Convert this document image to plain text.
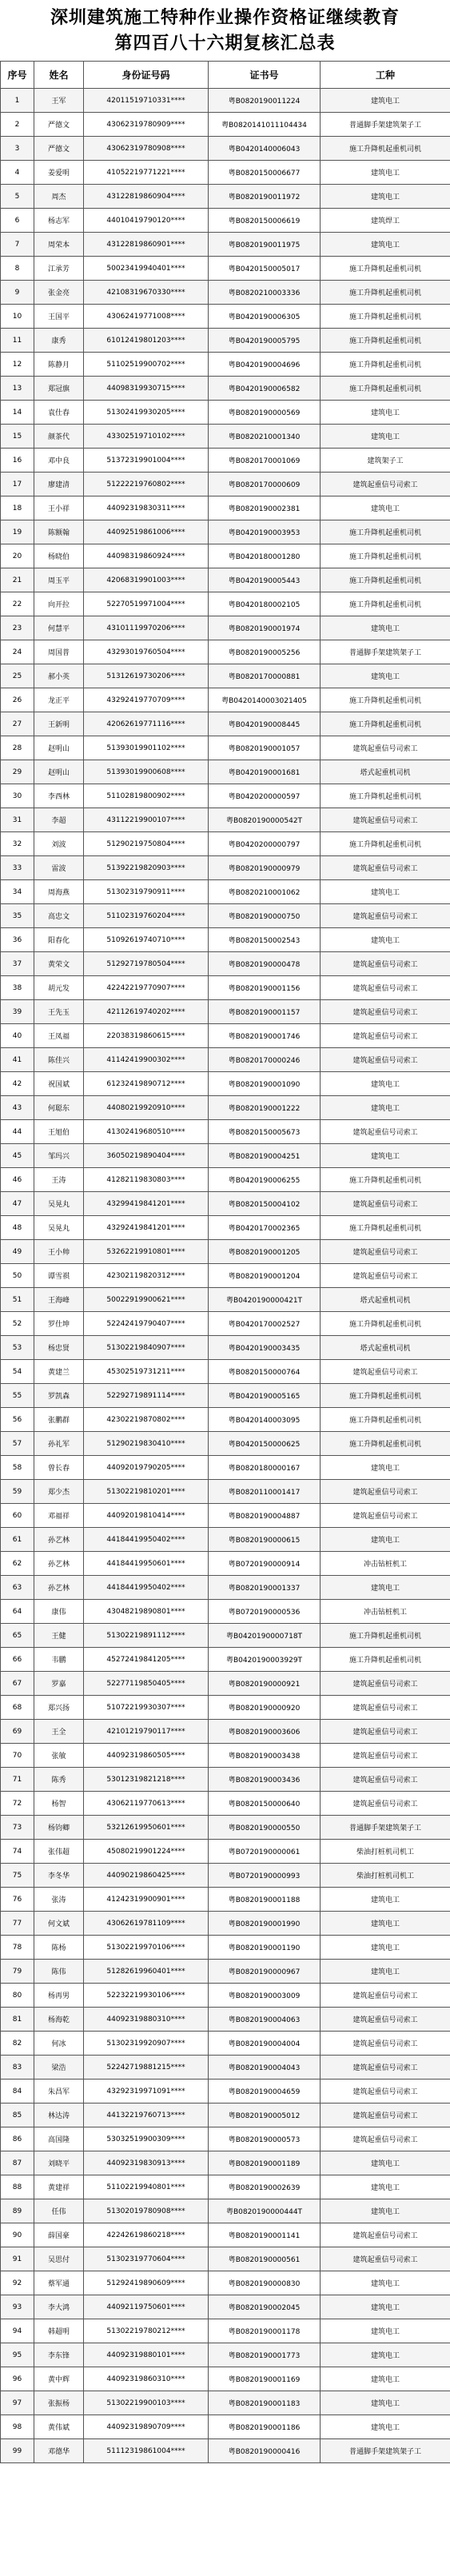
深圳建筑施工特种作业操作资格证继续教育
第四百八十六期复核汇总表
序号	姓名	身份证号码	证书号	工种
1	王军	42011519710331****	粤B0820190011224	建筑电工
2	严德文	43062319780909****	粤B0820141011104434	普通脚手架建筑架子工
3	严德文	43062319780908****	粤B0420140006043	施工升降机起重机司机
4	姜爱明	41052219771221****	粤B0820150006677	建筑电工
5	周杰	43122819860904****	粤B0820190011972	建筑电工
6	杨志军	44010419790120****	粤B0820150006619	建筑焊工
7	周荣本	43122819860901****	粤B0820190011975	建筑电工
8	江承芳	50023419940401****	粤B0420150005017	施工升降机起重机司机
9	张金亮	42108319670330****	粤B0820210003336	施工升降机起重机司机
10	王国平	43062419771008****	粤B0420190006305	施工升降机起重机司机
11	康秀	61012419801203****	粤B0420190005795	施工升降机起重机司机
12	陈静月	51102519900702****	粤B0420190004696	施工升降机起重机司机
13	郑冠旗	44098319930715****	粤B0420190006582	施工升降机起重机司机
14	袁仕春	51302419930205****	粤B0820190000569	建筑电工
15	颜茶代	43302519710102****	粤B0820210001340	建筑电工
16	邓中良	51372319901004****	粤B0820170001069	建筑架子工
17	廖建清	51222219760802****	粤B0820170000609	建筑起重信号司索工
18	王小祥	44092319830311****	粤B0820190002381	建筑电工
19	陈额翰	44092519861006****	粤B0420190003953	施工升降机起重机司机
20	杨晓伯	44098319860924****	粤B0420180001280	施工升降机起重机司机
21	周玉平	42068319901003****	粤B0420190005443	施工升降机起重机司机
22	向开拉	52270519971004****	粤B0420180002105	施工升降机起重机司机
23	何慧平	43101119970206****	粤B0820190001974	建筑电工
24	周国普	43293019760504****	粤B0820190005256	普通脚手架建筑架子工
25	郝小英	51312619730206****	粤B0820170000881	建筑电工
26	龙正平	43292419770709****	粤B0420140003021405	施工升降机起重机司机
27	王新明	42062619771116****	粤B0420190008445	施工升降机起重机司机
28	赵明山	51393019901102****	粤B0820190001057	建筑起重信号司索工
29	赵明山	51393019900608****	粤B0420190001681	塔式起重机司机
30	李西林	51102819800902****	粤B0420200000597	施工升降机起重机司机
31	李超	43112219900107****	粤B0820190000542T	建筑起重信号司索工
32	刘波	51290219750804****	粤B0420200000797	施工升降机起重机司机
33	雷波	51392219820903****	粤B0820190000979	建筑起重信号司索工
34	周海燕	51302319790911****	粤B0820210001062	建筑电工
35	高忠文	51102319760204****	粤B0820190000750	建筑起重信号司索工
36	阳春化	51092619740710****	粤B0820150002543	建筑电工
37	黄荣文	51292719780504****	粤B0820190000478	建筑起重信号司索工
38	胡元发	42242219770907****	粤B0820190001156	建筑起重信号司索工
39	王先玉	42112619740202****	粤B0820190001157	建筑起重信号司索工
40	王凤福	22038319860615****	粤B0820190001746	建筑起重信号司索工
41	陈佳兴	41142419900302****	粤B0820170000246	建筑起重信号司索工
42	祝国斌	61232419890712****	粤B0820190001090	建筑电工
43	何聪东	44080219920910****	粤B0820190001222	建筑电工
44	王旭伯	41302419680510****	粤B0820150005673	建筑起重信号司索工
45	邹玛兴	36050219890404****	粤B0820190004251	建筑电工
46	王涛	41282119830803****	粤B0420190006255	施工升降机起重机司机
47	吴晃丸	43299419841201****	粤B0820150004102	建筑起重信号司索工
48	吴晃丸	43292419841201****	粤B0420170002365	施工升降机起重机司机
49	王小帅	53262219910801****	粤B0820190001205	建筑起重信号司索工
50	谭雪祺	42302119820312****	粤B0820190001204	建筑起重信号司索工
51	王海峰	50022919900621****	粤B0420190000421T	塔式起重机司机
52	罗仕坤	52242419790407****	粤B0420170002527	施工升降机起重机司机
53	杨忠贤	51302219840907****	粤B0420190003435	塔式起重机司机
54	黄建兰	45302519731211****	粤B0820150000764	建筑起重信号司索工
55	罗凯森	52292719891114****	粤B0420190005165	施工升降机起重机司机
56	张鹏群	42302219870802****	粤B0420140003095	施工升降机起重机司机
57	孙礼军	51290219830410****	粤B0420150000625	施工升降机起重机司机
58	曾长春	44092019790205****	粤B0820180000167	建筑电工
59	郑少杰	51302219810201****	粤B0820110001417	建筑起重信号司索工
60	邓福祥	44092019810414****	粤B0820190004887	建筑起重信号司索工
61	孙艺林	44184419950402****	粤B0820190000615	建筑电工
62	孙艺林	44184419950601****	粤B0720190000914	冲击钻桩机工
63	孙艺林	44184419950402****	粤B0820190001337	建筑电工
64	康伟	43048219890801****	粤B0720190000536	冲击钻桩机工
65	王健	51302219891112****	粤B0420190000718T	施工升降机起重机司机
66	韦鹏	45272419841205****	粤B0420190003929T	施工升降机起重机司机
67	罗嘉	52277119850405****	粤B0820190000921	建筑起重信号司索工
68	郑兴扬	51072219930307****	粤B0820190000920	建筑起重信号司索工
69	王全	42101219790117****	粤B0820190003606	建筑起重信号司索工
70	张敏	44092319860505****	粤B0820190003438	建筑起重信号司索工
71	陈秀	53012319821218****	粤B0820190003436	建筑起重信号司索工
72	杨智	43062119770613****	粤B0820150000640	建筑起重信号司索工
73	杨钧卿	53212619950601****	粤B0820190000550	普通脚手架建筑架子工
74	张伟超	45080219901224****	粤B0720190000061	柴油打桩机司机工
75	李冬华	44090219860425****	粤B0720190000993	柴油打桩机司机工
76	张涛	41242319900901****	粤B0820190001188	建筑电工
77	何文斌	43062619781109****	粤B0820190001990	建筑电工
78	陈杨	51302219970106****	粤B0820190001190	建筑电工
79	陈伟	51282619960401****	粤B0820190000967	建筑电工
80	杨再男	52232219930106****	粤B0820190003009	建筑起重信号司索工
81	杨海乾	44092319880310****	粤B0820190004063	建筑起重信号司索工
82	何冰	51302319920907****	粤B0820190004004	建筑起重信号司索工
83	梁浩	52242719881215****	粤B0820190004043	建筑起重信号司索工
84	朱昌军	43292319971091****	粤B0820190004659	建筑起重信号司索工
85	林达涛	44132219760713****	粤B0820190005012	建筑起重信号司索工
86	高国隆	53032519900309****	粤B0820190000573	建筑起重信号司索工
87	刘晓平	44092319830913****	粤B0820190001189	建筑电工
88	黄建祥	51102219940801****	粤B0820190002639	建筑电工
89	任伟	51302019780908****	粤B0820190000444T	建筑电工
90	薛国豪	42242619860218****	粤B0820190001141	建筑起重信号司索工
91	吴思付	51302319770604****	粤B0820190000561	建筑起重信号司索工
92	蔡军通	51292419890609****	粤B0820190000830	建筑电工
93	李大鸿	44092119750601****	粤B0820190002045	建筑电工
94	韩超明	51302219780212****	粤B0820190001178	建筑电工
95	李东锋	44092319880101****	粤B0820190001773	建筑电工
96	黄中辉	44092319860310****	粤B0820190001169	建筑电工
97	张振杨	51302219900103****	粤B0820190001183	建筑电工
98	黄伟斌	44092319890709****	粤B0820190001186	建筑电工
99	邓德华	51112319861004****	粤B0820190000416	普通脚手架建筑架子工
